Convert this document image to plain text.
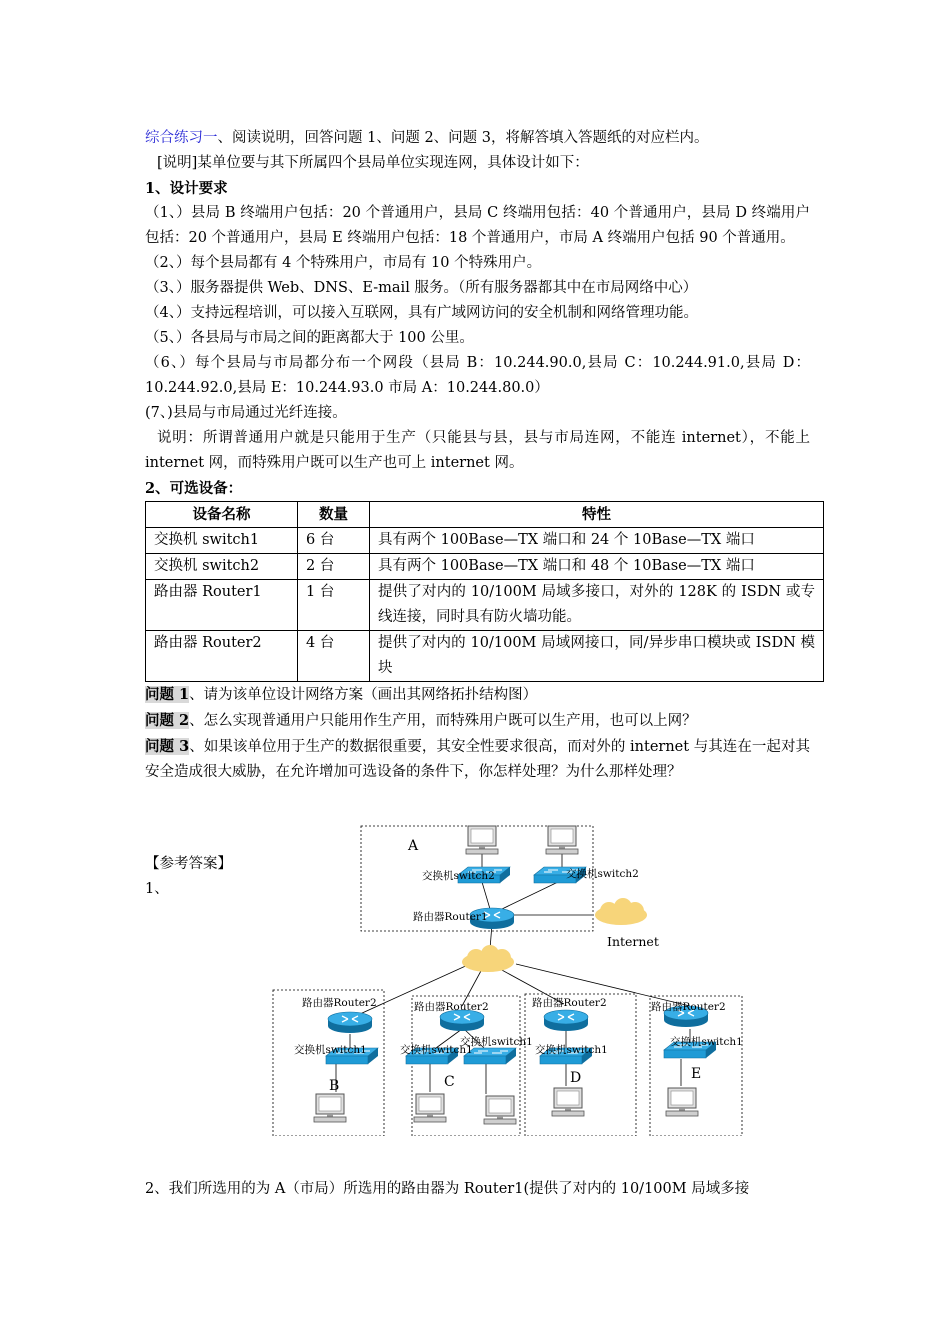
综合练习一、阅读说明，回答问题 1、问题 2、问题 3，将解答填入答题纸的对应栏内。
[说明]某单位要与其下所属四个县局单位实现连网，具体设计如下：
1、设计要求
（1、）县局 B 终端用户包括：20 个普通用户，县局 C 终端用包括：40 个普通用户，县局 D 终端用户包括：20 个普通用户，县局 E 终端用户包括：18 个普通用户，市局 A 终端用户包括 90 个普通用。
（2、）每个县局都有 4 个特殊用户，市局有 10 个特殊用户。
（3、）服务器提供 Web、DNS、E-mail 服务。（所有服务器都其中在市局网络中心）
（4、）支持远程培训，可以接入互联网，具有广域网访问的安全机制和网络管理功能。
（5、）各县局与市局之间的距离都大于 100 公里。
（6、）每个县局与市局都分布一个网段（县局 B：10.244.90.0,县局 C：10.244.91.0,县局 D：10.244.92.0,县局 E：10.244.93.0 市局 A：10.244.80.0）
(7、)县局与市局通过光纤连接。
说明：所谓普通用户就是只能用于生产（只能县与县，县与市局连网，不能连 internet），不能上 internet 网，而特殊用户既可以生产也可上 internet 网。
2、可选设备：
设备名称	数量	特性
交换机 switch1	6 台	具有两个 100Base—TX 端口和 24 个 10Base—TX 端口
交换机 switch2	2 台	具有两个 100Base—TX 端口和 48 个 10Base—TX 端口
路由器 Router1	1 台	提供了对内的 10/100M 局域多接口，对外的 128K 的 ISDN 或专线连接，同时具有防火墙功能。
路由器 Router2	4 台	提供了对内的 10/100M 局域网接口，同/异步串口模块或 ISDN 模块
问题 1、请为该单位设计网络方案（画出其网络拓扑结构图）
问题 2、怎么实现普通用户只能用作生产用，而特殊用户既可以生产用，也可以上网？
问题 3、如果该单位用于生产的数据很重要，其安全性要求很高，而对外的 internet 与其连在一起对其安全造成很大威胁，在允许增加可选设备的条件下，你怎样处理？为什么那样处理？
【参考答案】
1、
A
交换机switch2	交换机switch2
路由器Router1
Internet
路由器Router2	路由器Router2	路由器Router2	路由器Router2
交换机switch1	交换机switch1
交换机switch1
交换机switch1
交换机switch1
B	C	D	E
2、我们所选用的为 A（市局）所选用的路由器为 Router1(提供了对内的 10/100M 局域多接
